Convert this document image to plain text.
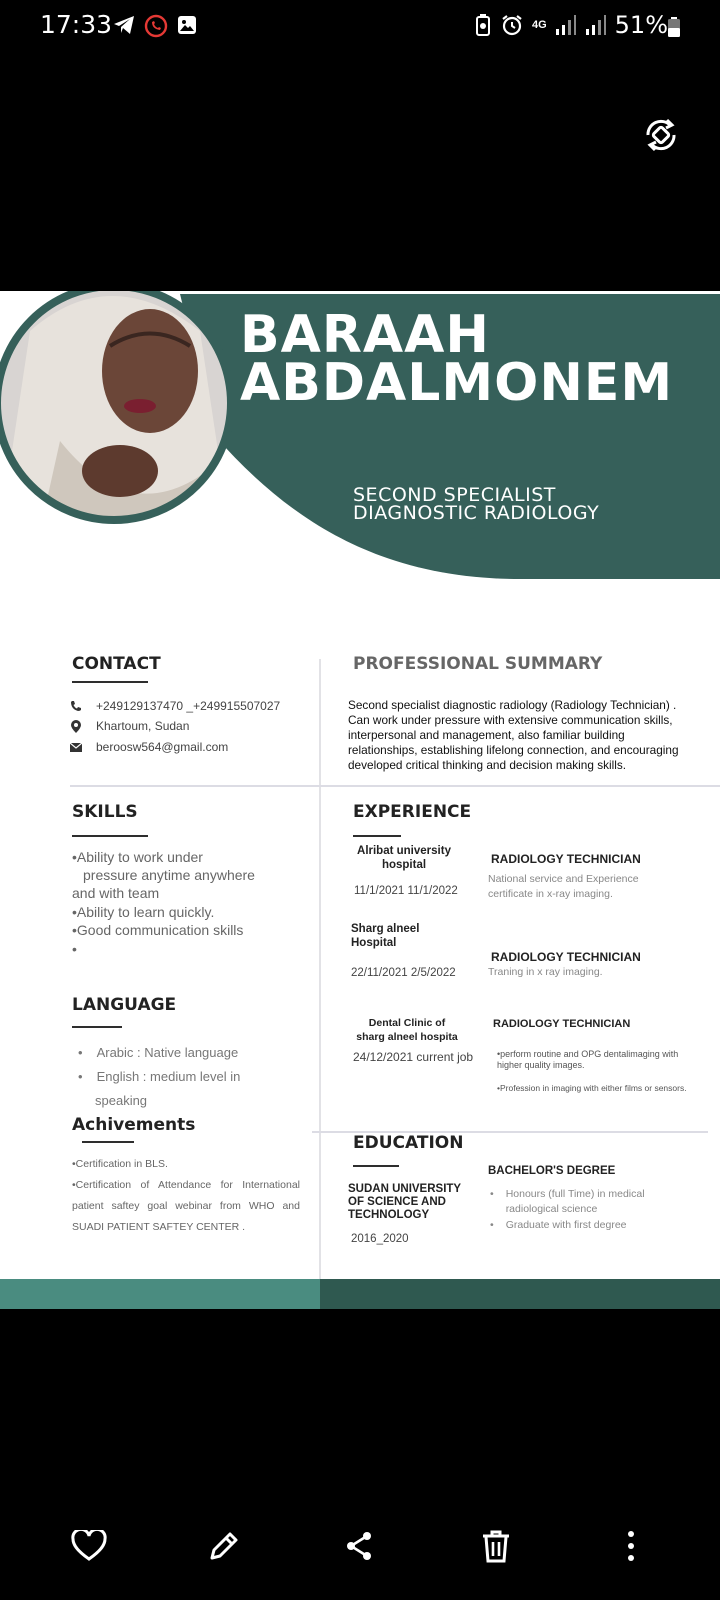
17:33	4G	51%
BARAAH
ABDALMONEM
SECOND SPECIALIST
DIAGNOSTIC RADIOLOGY
CONTACT
+249129137470 _+249915507027
Khartoum, Sudan
beroosw564@gmail.com
PROFESSIONAL SUMMARY
Second specialist diagnostic radiology (Radiology Technician) . Can work under pressure with extensive communication skills, interpersonal and management, also familiar building relationships, establishing lifelong connection, and encouraging developed critical thinking and decision making skills.
SKILLS
•Ability to work under
pressure anytime anywhere
and with team
•Ability to learn quickly.
•Good communication skills
•
LANGUAGE
• Arabic : Native language
• English : medium level in
speaking
Achivements
•Certification in BLS.
•Certification of Attendance for International
patient saftey goal webinar from WHO and
SUADI PATIENT SAFTEY CENTER .
EXPERIENCE
Alribat university
hospital
11/1/2021 11/1/2022
RADIOLOGY TECHNICIAN
National service and Experience
certificate in x-ray imaging.
Sharg alneel
Hospital
22/11/2021 2/5/2022
RADIOLOGY TECHNICIAN
Traning in x ray imaging.
Dental Clinic of
sharg alneel hospita
24/12/2021 current job
RADIOLOGY TECHNICIAN
•perform routine and OPG dentalimaging with
higher quality images.
•Profession in imaging with either films or sensors.
EDUCATION
SUDAN UNIVERSITY
OF SCIENCE AND
TECHNOLOGY
2016_2020
BACHELOR'S DEGREE
• Honours (full Time) in medical
radiological science
• Graduate with first degree
